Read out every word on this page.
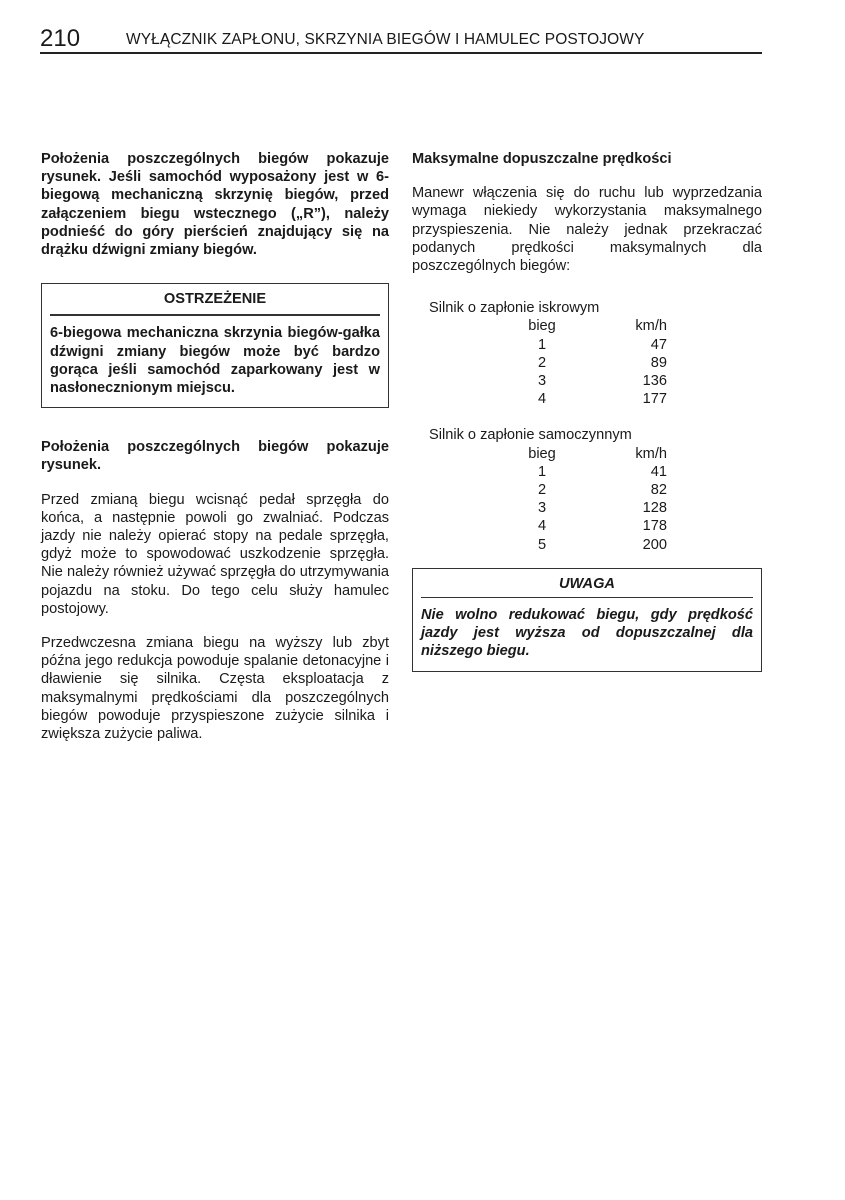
210	WYŁĄCZNIK ZAPŁONU, SKRZYNIA BIEGÓW I HAMULEC POSTOJOWY

Położenia poszczególnych biegów pokazuje rysunek. Jeśli samochód wyposażony jest w 6-biegową mechaniczną skrzynię biegów, przed załączeniem biegu wstecznego („R”), należy podnieść do góry pierścień znajdujący się na drążku dźwigni zmiany biegów.

OSTRZEŻENIE

6-biegowa mechaniczna skrzynia biegów-gałka dźwigni zmiany biegów może być bardzo gorąca jeśli samochód zaparkowany jest w nasłonecznionym miejscu.

Położenia poszczególnych biegów pokazuje rysunek.

Przed zmianą biegu wcisnąć pedał sprzęgła do końca, a następnie powoli go zwalniać. Podczas jazdy nie należy opierać stopy na pedale sprzęgła, gdyż może to spowodować uszkodzenie sprzęgła. Nie należy również używać sprzęgła do utrzymywania pojazdu na stoku. Do tego celu służy hamulec postojowy.

Przedwczesna zmiana biegu na wyższy lub zbyt późna jego redukcja powoduje spalanie detonacyjne i dławienie się silnika. Częsta eksploatacja z maksymalnymi prędkościami dla poszczególnych biegów powoduje przyspieszone zużycie silnika i zwiększa zużycie paliwa.

Maksymalne dopuszczalne prędkości

Manewr włączenia się do ruchu lub wyprzedzania wymaga niekiedy wykorzystania maksymalnego przyspieszenia. Nie należy jednak przekraczać podanych prędkości maksymalnych dla poszczególnych biegów:

Silnik o zapłonie iskrowym
bieg	km/h
1	47
2	89
3	136
4	177
Silnik o zapłonie samoczynnym
bieg	km/h
1	41
2	82
3	128
4	178
5	200
UWAGA

Nie wolno redukować biegu, gdy prędkość jazdy jest wyższa od dopuszczalnej dla niższego biegu.
